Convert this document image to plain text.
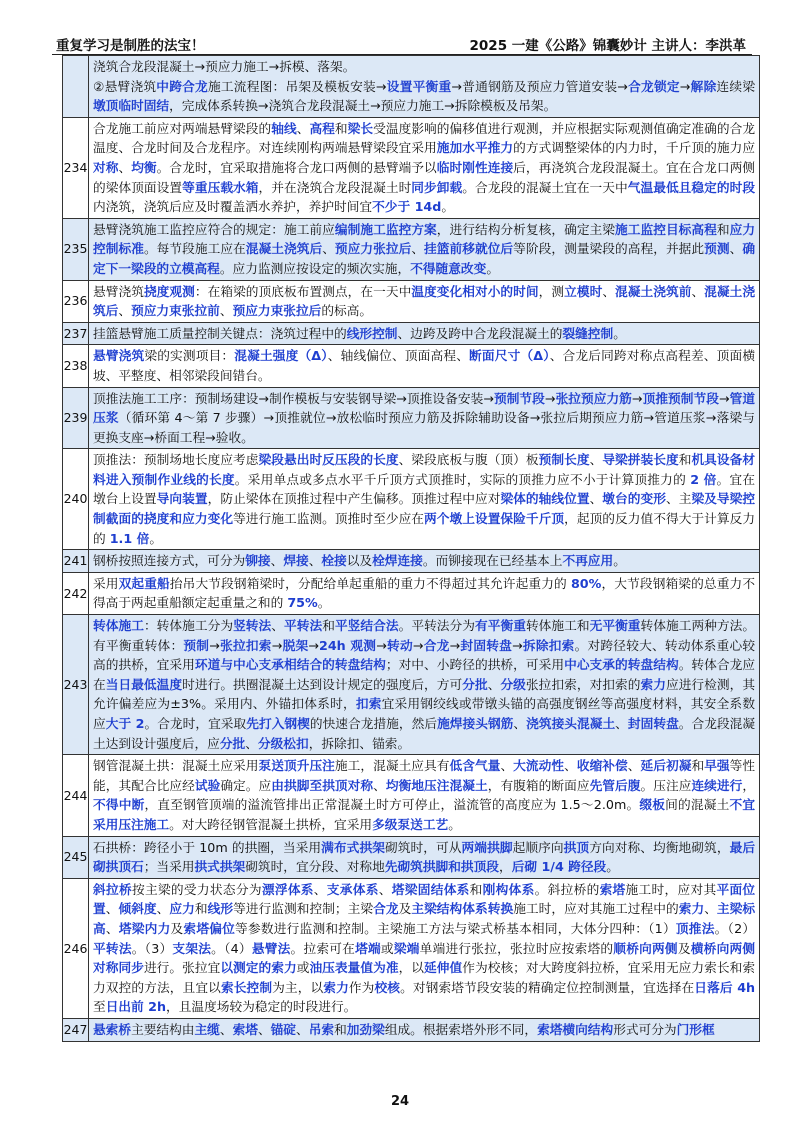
重复学习是制胜的法宝！	2025 一建《公路》锦囊妙计 主讲人：李洪革
	浇筑合龙段混凝土→预应力施工→拆模、落架。
②悬臂浇筑中跨合龙施工流程图：吊架及模板安装→设置平衡重→普通钢筋及预应力管道安装→合龙锁定→解除连续梁墩顶临时固结，完成体系转换→浇筑合龙段混凝土→预应力施工→拆除模板及吊架。
234	合龙施工前应对两端悬臂梁段的轴线、高程和梁长受温度影响的偏移值进行观测，并应根据实际观测值确定准确的合龙温度、合龙时间及合龙程序。对连续刚构两端悬臂梁段宜采用施加水平推力的方式调整梁体的内力时，千斤顶的施力应对称、均衡。合龙时，宜采取措施将合龙口两侧的悬臂端予以临时刚性连接后，再浇筑合龙段混凝土。宜在合龙口两侧的梁体顶面设置等重压载水箱，并在浇筑合龙段混凝土时同步卸载。合龙段的混凝土宜在一天中气温最低且稳定的时段内浇筑，浇筑后应及时覆盖洒水养护，养护时间宜不少于 14d。
235	悬臂浇筑施工监控应符合的规定：施工前应编制施工监控方案，进行结构分析复核，确定主梁施工监控目标高程和应力控制标准。每节段施工应在混凝土浇筑后、预应力张拉后、挂篮前移就位后等阶段，测量梁段的高程，并据此预测、确定下一梁段的立模高程。应力监测应按设定的频次实施，不得随意改变。
236	悬臂浇筑挠度观测：在箱梁的顶底板布置测点，在一天中温度变化相对小的时间，测立模时、混凝土浇筑前、混凝土浇筑后、预应力束张拉前、预应力束张拉后的标高。
237	挂篮悬臂施工质量控制关键点：浇筑过程中的线形控制、边跨及跨中合龙段混凝土的裂缝控制。
238	悬臂浇筑梁的实测项目：混凝土强度（Δ）、轴线偏位、顶面高程、断面尺寸（Δ）、合龙后同跨对称点高程差、顶面横坡、平整度、相邻梁段间错台。
239	顶推法施工工序：预制场建设→制作模板与安装钢导梁→顶推设备安装→预制节段→张拉预应力筋→顶推预制节段→管道压浆（循环第 4～第 7 步骤）→顶推就位→放松临时预应力筋及拆除辅助设备→张拉后期预应力筋→管道压浆→落梁与更换支座→桥面工程→验收。
240	顶推法：预制场地长度应考虑梁段悬出时反压段的长度、梁段底板与腹（顶）板预制长度、导梁拼装长度和机具设备材料进入预制作业线的长度。采用单点或多点水平千斤顶方式顶推时，实际的顶推力应不小于计算顶推力的 2 倍。宜在墩台上设置导向装置，防止梁体在顶推过程中产生偏移。顶推过程中应对梁体的轴线位置、墩台的变形、主梁及导梁控制截面的挠度和应力变化等进行施工监测。顶推时至少应在两个墩上设置保险千斤顶，起顶的反力值不得大于计算反力的 1.1 倍。
241	钢桥按照连接方式，可分为铆接、焊接、栓接以及栓焊连接。而铆接现在已经基本上不再应用。
242	采用双起重船抬吊大节段钢箱梁时，分配给单起重船的重力不得超过其允许起重力的 80%，大节段钢箱梁的总重力不得高于两起重船额定起重量之和的 75%。
243	转体施工：转体施工分为竖转法、平转法和平竖结合法。平转法分为有平衡重转体施工和无平衡重转体施工两种方法。有平衡重转体：预制→张拉扣索→脱架→24h 观测→转动→合龙→封固转盘→拆除扣索。对跨径较大、转动体系重心较高的拱桥，宜采用环道与中心支承相结合的转盘结构；对中、小跨径的拱桥，可采用中心支承的转盘结构。转体合龙应在当日最低温度时进行。拱圈混凝土达到设计规定的强度后，方可分批、分级张拉扣索，对扣索的索力应进行检测，其允许偏差应为±3%。采用内、外锚扣体系时，扣索宜采用钢绞线或带镦头锚的高强度钢丝等高强度材料，其安全系数应大于 2。合龙时，宜采取先打入钢楔的快速合龙措施，然后施焊接头钢筋、浇筑接头混凝土、封固转盘。合龙段混凝土达到设计强度后，应分批、分级松扣，拆除扣、锚索。
244	钢管混凝土拱：混凝土应采用泵送顶升压注施工，混凝土应具有低含气量、大流动性、收缩补偿、延后初凝和早强等性能，其配合比应经试验确定。应由拱脚至拱顶对称、均衡地压注混凝土，有腹箱的断面应先管后腹。压注应连续进行，不得中断，直至钢管顶端的溢流管排出正常混凝土时方可停止，溢流管的高度应为 1.5～2.0m。缀板间的混凝土不宜采用压注施工。对大跨径钢管混凝土拱桥，宜采用多级泵送工艺。
245	石拱桥：跨径小于 10m 的拱圈，当采用满布式拱架砌筑时，可从两端拱脚起顺序向拱顶方向对称、均衡地砌筑，最后砌拱顶石；当采用拱式拱架砌筑时，宜分段、对称地先砌筑拱脚和拱顶段，后砌 1/4 跨径段。
246	斜拉桥按主梁的受力状态分为漂浮体系、支承体系、塔梁固结体系和刚构体系。斜拉桥的索塔施工时，应对其平面位置、倾斜度、应力和线形等进行监测和控制；主梁合龙及主梁结构体系转换施工时，应对其施工过程中的索力、主梁标高、塔梁内力及索塔偏位等参数进行监测和控制。主梁施工方法与梁式桥基本相同，大体分四种：（1）顶推法。（2）平转法。（3）支架法。（4）悬臂法。拉索可在塔端或梁端单端进行张拉，张拉时应按索塔的顺桥向两侧及横桥向两侧对称同步进行。张拉宜以测定的索力或油压表量值为准，以延伸值作为校核；对大跨度斜拉桥，宜采用无应力索长和索力双控的方法，且宜以索长控制为主，以索力作为校核。对钢索塔节段安装的精确定位控制测量，宜选择在日落后 4h 至日出前 2h，且温度场较为稳定的时段进行。
247	悬索桥主要结构由主缆、索塔、锚碇、吊索和加劲梁组成。根据索塔外形不同，索塔横向结构形式可分为门形框
24
